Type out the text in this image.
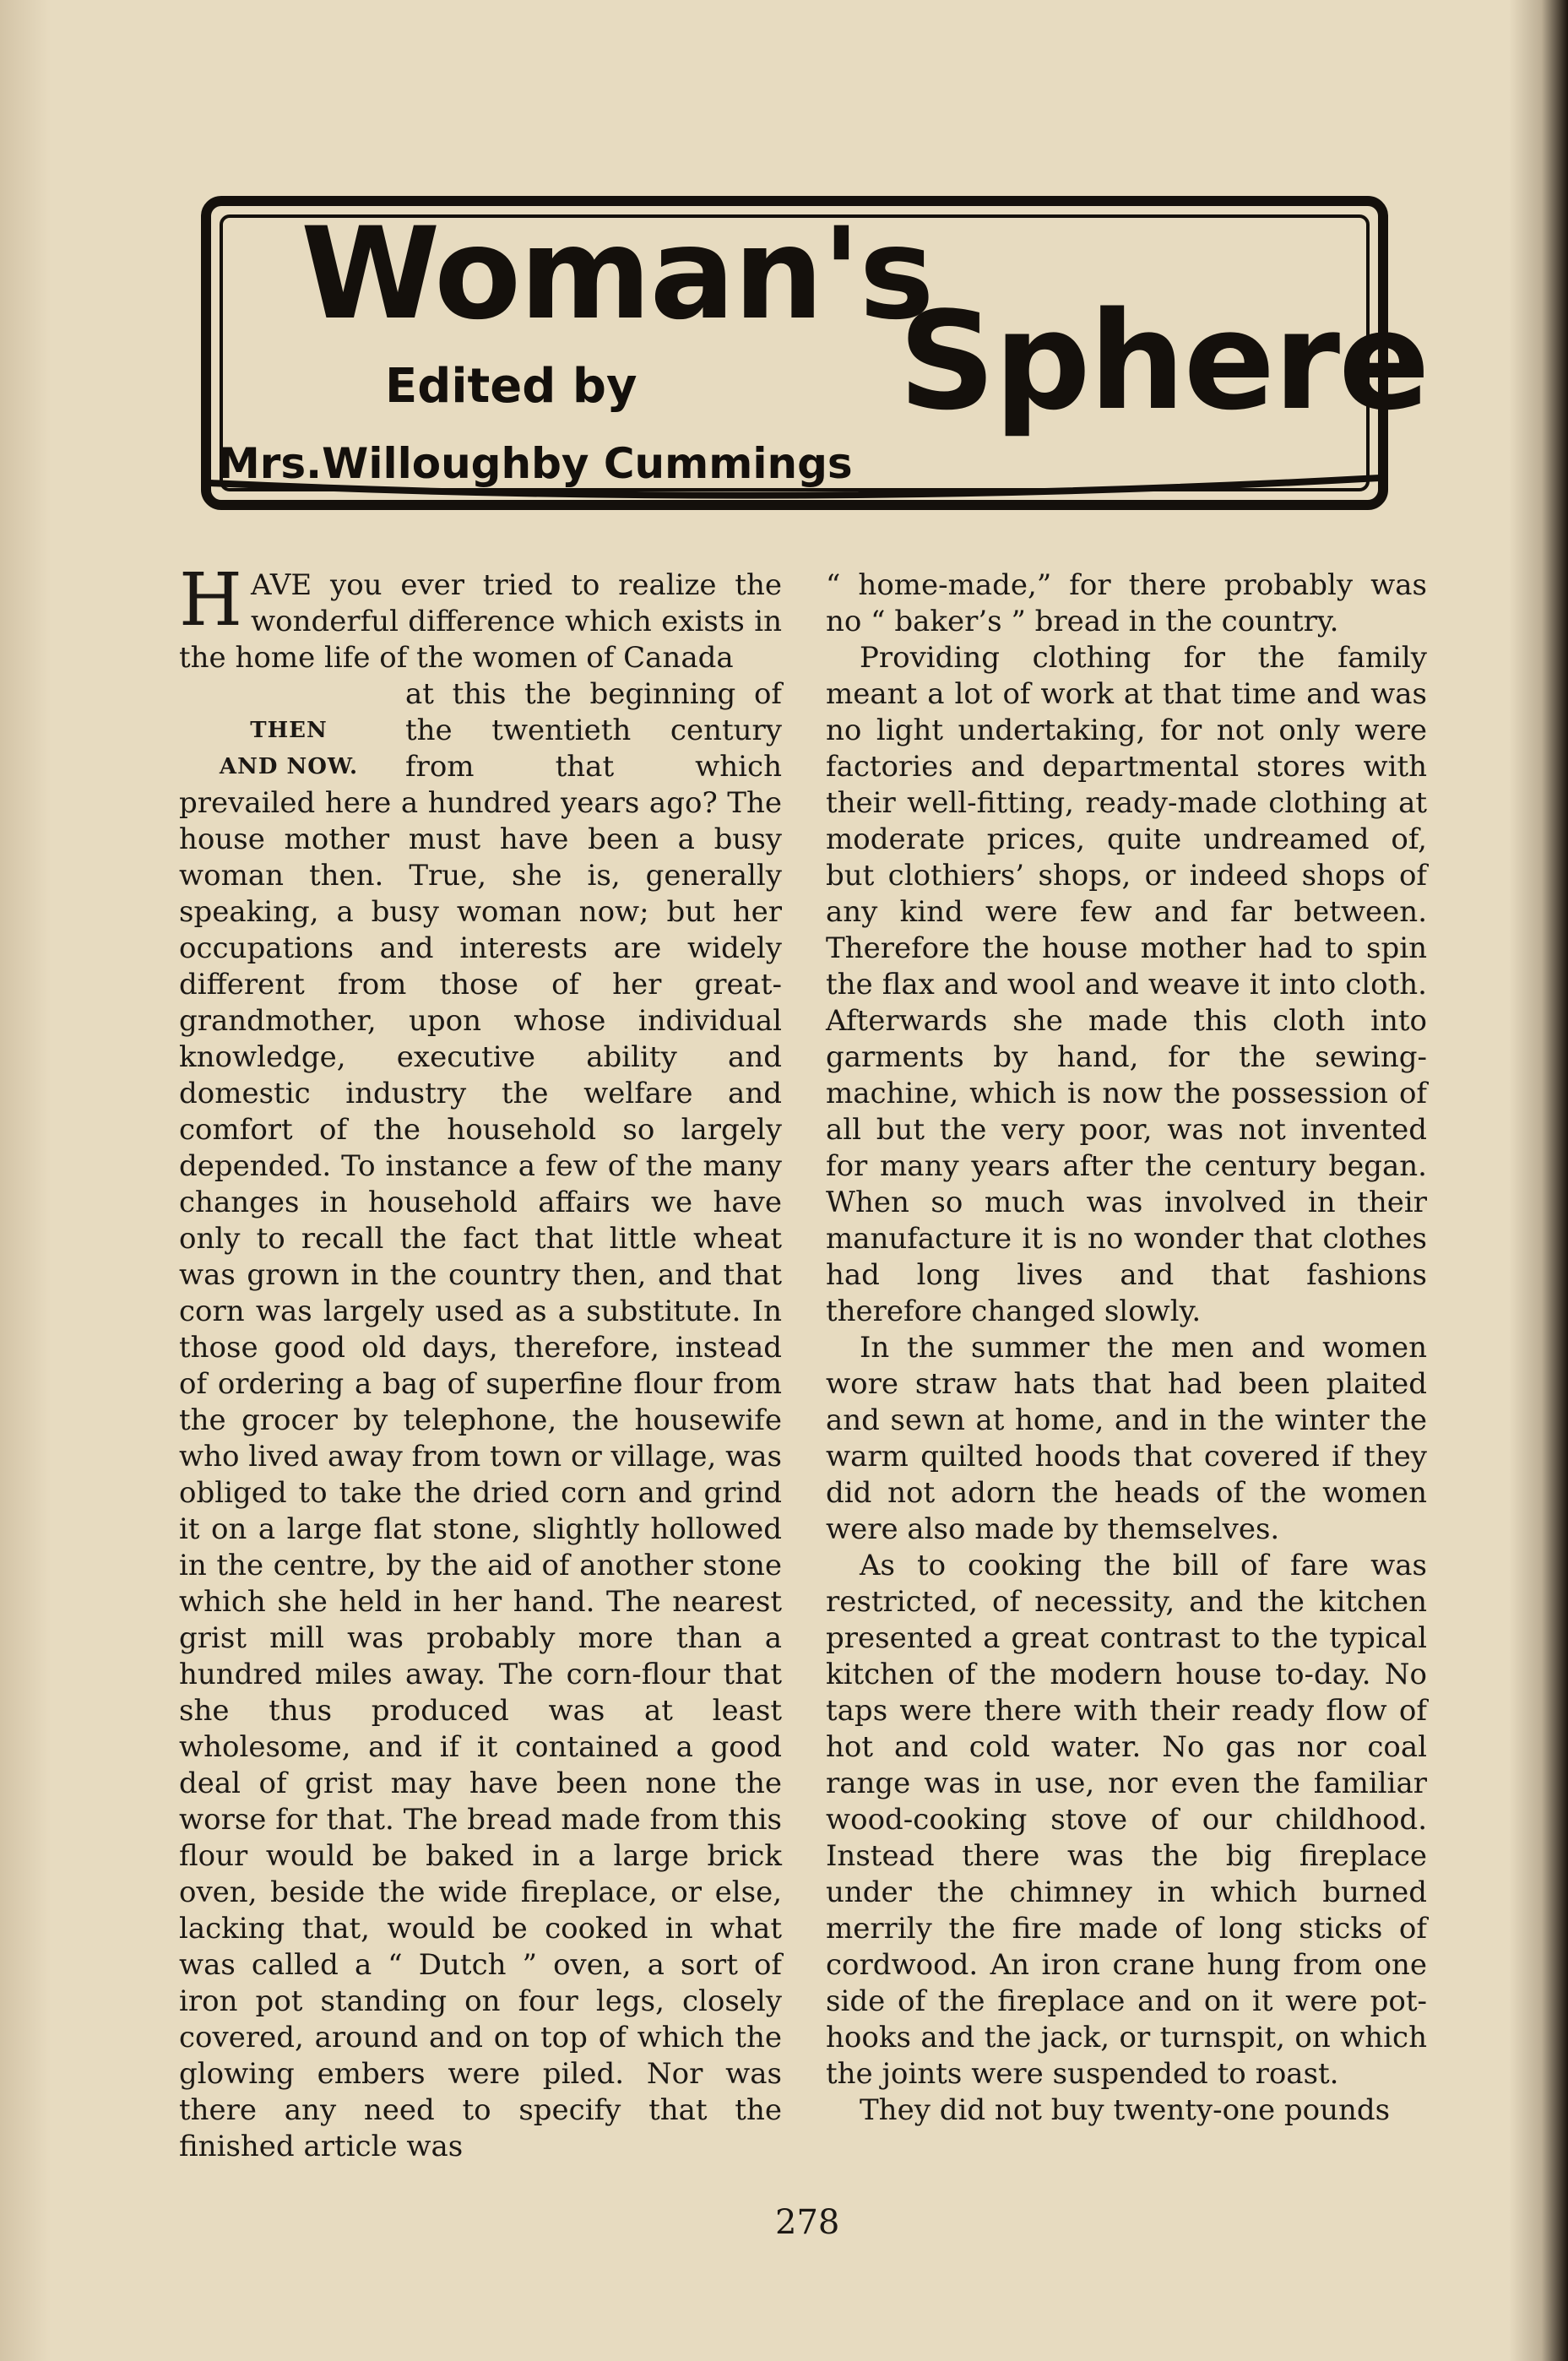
Woman's
Sphere
Edited by
Mrs.Willoughby Cummings

HAVE you ever tried to realize the wonderful difference which exists in the home life of the women of Canada

THEN
AND NOW.
at this the beginning of the twentieth century from that which prevailed here a hundred years ago? The house mother must have been a busy woman then. True, she is, generally speaking, a busy woman now; but her occupations and interests are widely different from those of her great-grandmother, upon whose individual knowledge, executive ability and domestic industry the welfare and comfort of the household so largely depended. To instance a few of the many changes in household affairs we have only to recall the fact that little wheat was grown in the country then, and that corn was largely used as a substitute. In those good old days, therefore, instead of ordering a bag of superfine flour from the grocer by telephone, the housewife who lived away from town or village, was obliged to take the dried corn and grind it on a large flat stone, slightly hollowed in the centre, by the aid of another stone which she held in her hand. The nearest grist mill was probably more than a hundred miles away. The corn-flour that she thus produced was at least wholesome, and if it contained a good deal of grist may have been none the worse for that. The bread made from this flour would be baked in a large brick oven, beside the wide fireplace, or else, lacking that, would be cooked in what was called a “ Dutch ” oven, a sort of iron pot standing on four legs, closely covered, around and on top of which the glowing embers were piled. Nor was there any need to specify that the finished article was

“ home-made,” for there probably was no “ baker’s ” bread in the country.

Providing clothing for the family meant a lot of work at that time and was no light undertaking, for not only were factories and departmental stores with their well-fitting, ready-made clothing at moderate prices, quite undreamed of, but clothiers’ shops, or indeed shops of any kind were few and far between. Therefore the house mother had to spin the flax and wool and weave it into cloth. Afterwards she made this cloth into garments by hand, for the sewing-machine, which is now the possession of all but the very poor, was not invented for many years after the century began. When so much was involved in their manufacture it is no wonder that clothes had long lives and that fashions therefore changed slowly.

In the summer the men and women wore straw hats that had been plaited and sewn at home, and in the winter the warm quilted hoods that covered if they did not adorn the heads of the women were also made by themselves.

As to cooking the bill of fare was restricted, of necessity, and the kitchen presented a great contrast to the typical kitchen of the modern house to-day. No taps were there with their ready flow of hot and cold water. No gas nor coal range was in use, nor even the familiar wood-cooking stove of our childhood. Instead there was the big fireplace under the chimney in which burned merrily the fire made of long sticks of cordwood. An iron crane hung from one side of the fireplace and on it were pot-hooks and the jack, or turnspit, on which the joints were suspended to roast.

They did not buy twenty-one pounds

278
